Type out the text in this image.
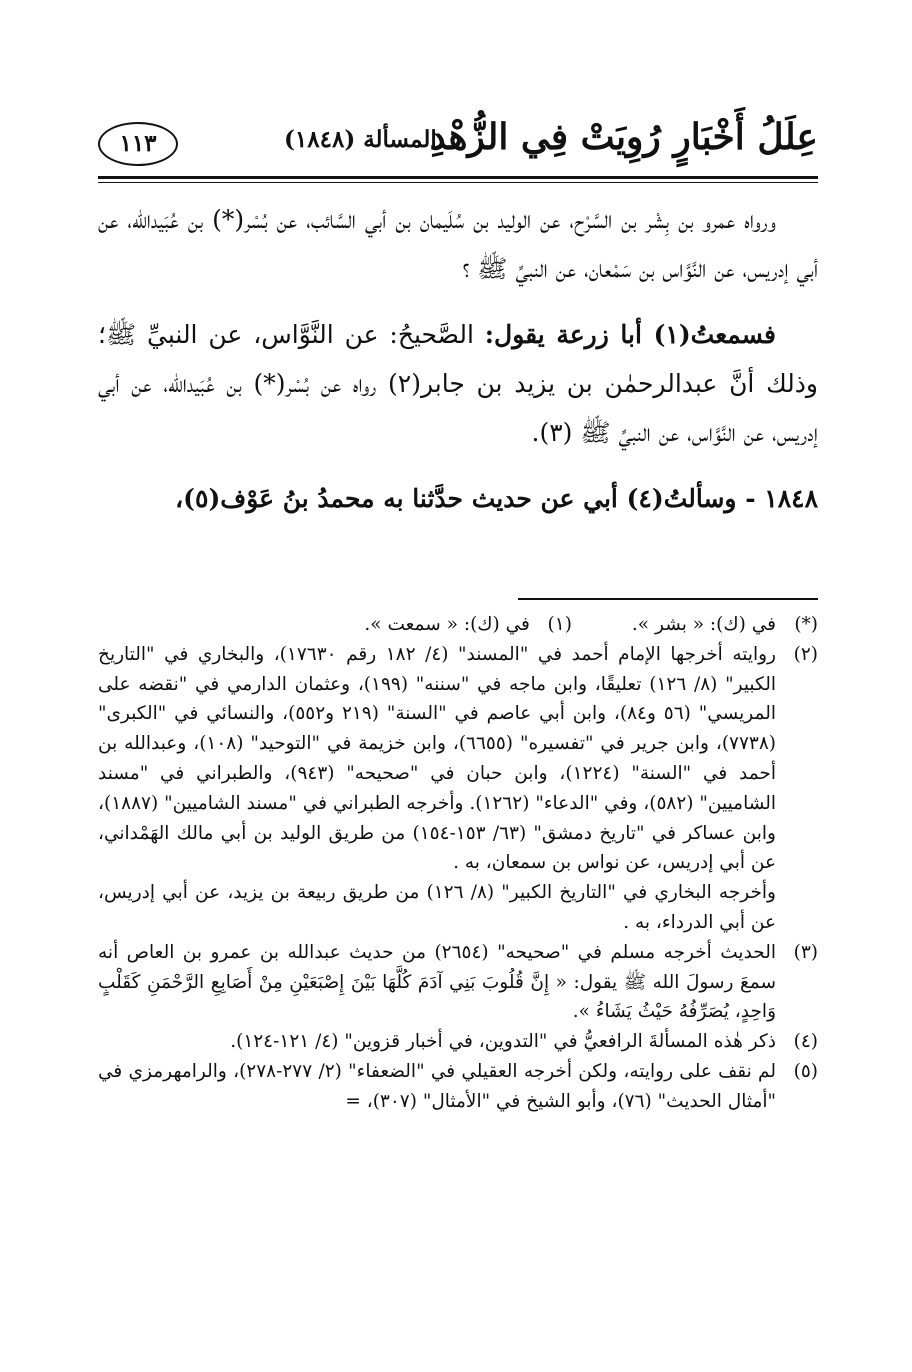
عِلَلُ أَخْبَارٍ رُوِيَتْ فِي الزُّهْدِ
المسألة (١٨٤٨)
١١٣

ورواه عمرو بن بِشْر بن السَّرْح، عن الوليد بن سُلَيمان بن أبي السَّائب، عن بُسْر(*) بن عُبَيدالله، عن أبي إدريس، عن النَّوَّاس بن سَمْعان، عن النبيِّ ﷺ ؟

فسمعتُ(١) أبا زرعة يقول: الصَّحيحُ: عن النَّوَّاس، عن النبيِّ ﷺ؛ وذلك أنَّ عبدالرحمٰن بن يزيد بن جابر(٢) رواه عن بُسْر(*) بن عُبَيدالله، عن أبي إدريس، عن النَّوَّاس، عن النبيِّ ﷺ (٣).

١٨٤٨ - وسألتُ(٤) أبي عن حديث حدَّثنا به محمدُ بنُ عَوْف(٥)،

(*)
في (ك): « بشر ».
(١)
في (ك): « سمعت ».
(٢)

روايته أخرجها الإمام أحمد في "المسند" (٤/ ١٨٢ رقم ١٧٦٣٠)، والبخاري في "التاريخ الكبير" (٨/ ١٢٦) تعليقًا، وابن ماجه في "سننه" (١٩٩)، وعثمان الدارمي في "نقضه على المريسي" (٥٦ و٨٤)، وابن أبي عاصم في "السنة" (٢١٩ و٥٥٢)، والنسائي في "الكبرى" (٧٧٣٨)، وابن جرير في "تفسيره" (٦٦٥٥)، وابن خزيمة في "التوحيد" (١٠٨)، وعبدالله بن أحمد في "السنة" (١٢٢٤)، وابن حبان في "صحيحه" (٩٤٣)، والطبراني في "مسند الشاميين" (٥٨٢)، وفي "الدعاء" (١٢٦٢). وأخرجه الطبراني في "مسند الشاميين" (١٨٨٧)، وابن عساكر في "تاريخ دمشق" (٦٣/ ١٥٣-١٥٤) من طريق الوليد بن أبي مالك الهَمْداني، عن أبي إدريس، عن نواس بن سمعان، به .

وأخرجه البخاري في "التاريخ الكبير" (٨/ ١٢٦) من طريق ربيعة بن يزيد، عن أبي إدريس، عن أبي الدرداء، به .

(٣)
الحديث أخرجه مسلم في "صحيحه" (٢٦٥٤) من حديث عبدالله بن عمرو بن العاص أنه سمعَ رسولَ الله ﷺ يقول: « إِنَّ قُلُوبَ بَنِي آدَمَ كُلَّهَا بَيْنَ إِصْبَعَيْنِ مِنْ أَصَابِعِ الرَّحْمَنِ كَقَلْبٍ وَاحِدٍ، يُصَرِّفُهُ حَيْثُ يَشَاءُ ».
(٤)
ذكر هٰذه المسألةَ الرافعيُّ في "التدوين، في أخبار قزوين" (٤/ ١٢١-١٢٤).
(٥)
لم نقف على روايته، ولكن أخرجه العقيلي في "الضعفاء" (٢/ ٢٧٧-٢٧٨)، والرامهرمزي في "أمثال الحديث" (٧٦)، وأبو الشيخ في "الأمثال" (٣٠٧)، =
